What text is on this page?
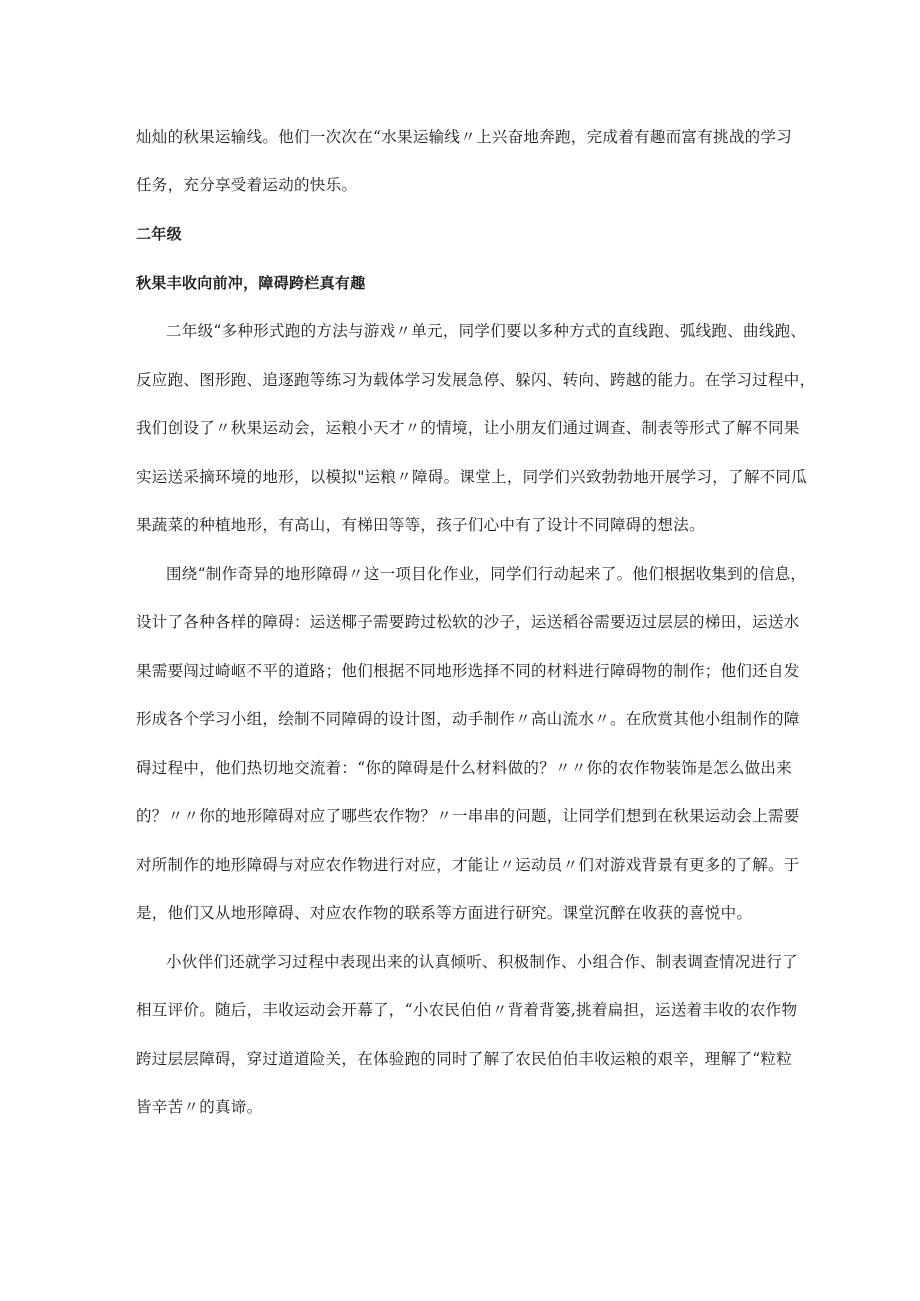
灿灿的秋果运输线。他们一次次在“水果运输线〃上兴奋地奔跑，完成着有趣而富有挑战的学习
任务，充分享受着运动的快乐。
二年级
秋果丰收向前冲，障碍跨栏真有趣
二年级“多种形式跑的方法与游戏〃单元，同学们要以多种方式的直线跑、弧线跑、曲线跑、
反应跑、图形跑、追逐跑等练习为载体学习发展急停、躲闪、转向、跨越的能力。在学习过程中，
我们创设了〃秋果运动会，运粮小天才〃的情境，让小朋友们通过调查、制表等形式了解不同果
实运送采摘环境的地形，以模拟"运粮〃障碍。课堂上，同学们兴致勃勃地开展学习，了解不同瓜
果蔬菜的种植地形，有高山，有梯田等等，孩子们心中有了设计不同障碍的想法。
围绕“制作奇异的地形障碍〃这一项目化作业，同学们行动起来了。他们根据收集到的信息，
设计了各种各样的障碍：运送椰子需要跨过松软的沙子，运送稻谷需要迈过层层的梯田，运送水
果需要闯过崎岖不平的道路；他们根据不同地形选择不同的材料进行障碍物的制作；他们还自发
形成各个学习小组，绘制不同障碍的设计图，动手制作〃高山流水〃。在欣赏其他小组制作的障
碍过程中，他们热切地交流着：“你的障碍是什么材料做的？〃〃你的农作物装饰是怎么做出来
的？〃〃你的地形障碍对应了哪些农作物？〃一串串的问题，让同学们想到在秋果运动会上需要
对所制作的地形障碍与对应农作物进行对应，才能让〃运动员〃们对游戏背景有更多的了解。于
是，他们又从地形障碍、对应农作物的联系等方面进行研究。课堂沉醉在收获的喜悦中。
小伙伴们还就学习过程中表现出来的认真倾听、积极制作、小组合作、制表调查情况进行了
相互评价。随后，丰收运动会开幕了，“小农民伯伯〃背着背篓,挑着扁担，运送着丰收的农作物
跨过层层障碍，穿过道道险关，在体验跑的同时了解了农民伯伯丰收运粮的艰辛，理解了“粒粒
皆辛苦〃的真谛。
